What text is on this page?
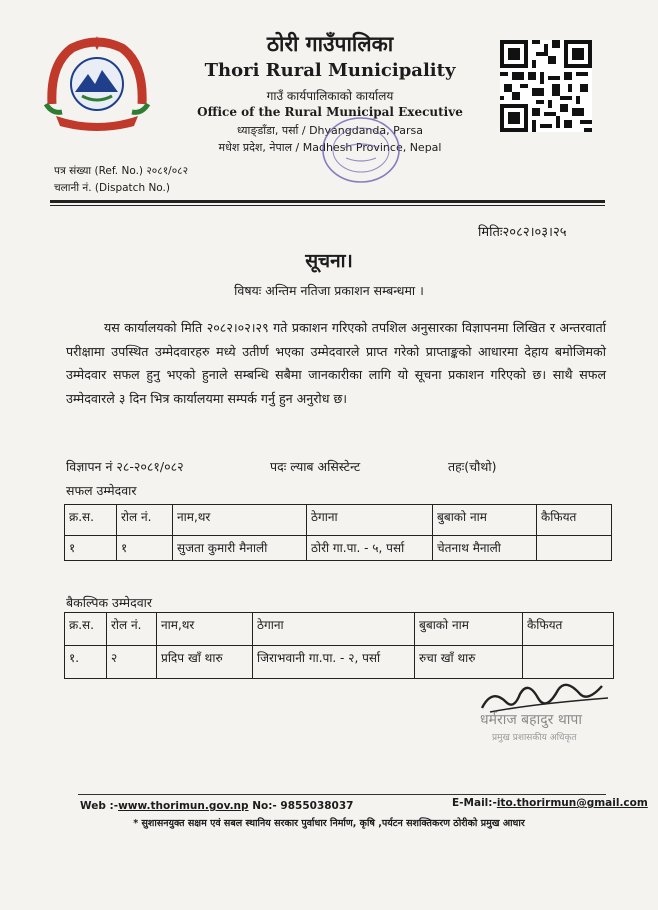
ठोरी गाउँपालिका
Thori Rural Municipality
गाउँ कार्यपालिकाको कार्यालय
Office of the Rural Municipal Executive
ध्याङ्डाँडा, पर्सा / Dhyangdanda, Parsa
मधेश प्रदेश, नेपाल / Madhesh Province, Nepal
पत्र संख्या (Ref. No.) २०८१/०८२
चलानी नं. (Dispatch No.)
मितिः२०८२।०३।२५
सूचना।
विषयः अन्तिम नतिजा प्रकाशन सम्बन्धमा ।
यस कार्यालयको मिति २०८२।०२।२९ गते प्रकाशन गरिएको तपशिल अनुसारका विज्ञापनमा लिखित र अन्तरवार्ता परीक्षामा उपस्थित उम्मेदवारहरु मध्ये उतीर्ण भएका उम्मेदवारले प्राप्त गरेको प्राप्ताङ्कको आधारमा देहाय बमोजिमको उम्मेदवार सफल हुनु भएको हुनाले सम्बन्धि सबैमा जानकारीका लागि यो सूचना प्रकाशन गरिएको छ। साथै सफल उम्मेदवारले ३ दिन भित्र कार्यालयमा सम्पर्क गर्नु हुन अनुरोध छ।
विज्ञापन नं २८-२०८१/०८२	पदः ल्याब असिस्टेन्ट	तहः(चौथो)
सफल उम्मेदवार
क्र.स.	रोल नं.	नाम,थर	ठेगाना	बुबाको नाम	कैफियत
१	१	सुजता कुमारी मैनाली	ठोरी गा.पा. - ५, पर्सा	चेतनाथ मैनाली	
बैकल्पिक उम्मेदवार
क्र.स.	रोल नं.	नाम,थर	ठेगाना	बुबाको नाम	कैफियत
१.	२	प्रदिप खाँ थारु	जिराभवानी गा.पा. - २, पर्सा	रुचा खाँ थारु	
धर्मराज बहादुर थापा
प्रमुख प्रशासकीय अधिकृत
Web :-www.thorimun.gov.np No:- 9855038037	E-Mail:-ito.thorirmun@gmail.com
* सुशासनयुक्त सक्षम एवं सबल स्थानिय सरकार पुर्वाधार निर्माण, कृषि ,पर्यटन सशक्तिकरण ठोरीको प्रमुख आधार
